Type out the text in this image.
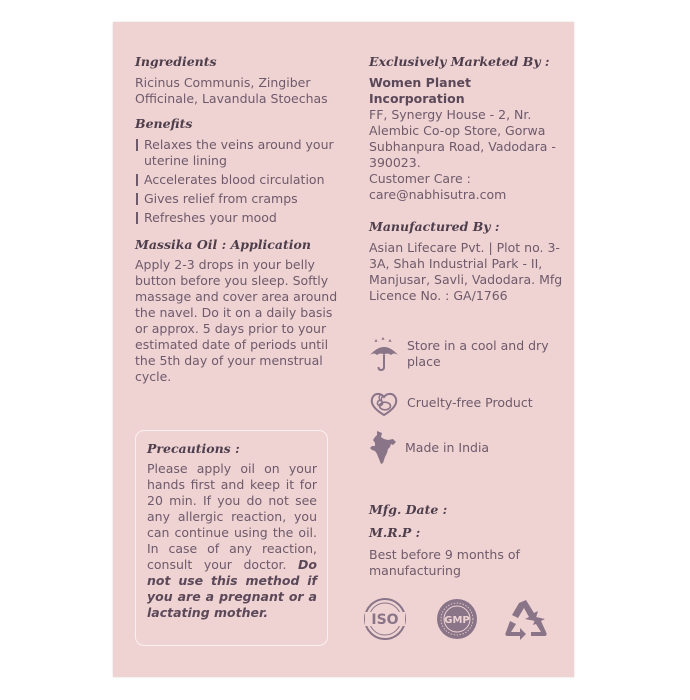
Ingredients
Ricinus Communis, Zingiber Officinale, Lavandula Stoechas
Benefits
Relaxes the veins around your uterine lining
Accelerates blood circulation
Gives relief from cramps
Refreshes your mood
Massika Oil : Application
Apply 2-3 drops in your belly button before you sleep. Softly massage and cover area around the navel. Do it on a daily basis or approx. 5 days prior to your estimated date of periods until the 5th day of your menstrual cycle.
Precautions :
Please apply oil on your hands first and keep it for 20 min. If you do not see any allergic reaction, you can continue using the oil. In case of any reaction, consult your doctor. Do not use this method if you are a pregnant or a lactating mother.
Exclusively Marketed By :
Women Planet Incorporation
FF, Synergy House - 2, Nr. Alembic Co-op Store, Gorwa Subhanpura Road, Vadodara - 390023.
Customer Care :
care@nabhisutra.com
Manufactured By :
Asian Lifecare Pvt. | Plot no. 3-3A, Shah Industrial Park - II, Manjusar, Savli, Vadodara. Mfg Licence No. : GA/1766
Store in a cool and dry place
Cruelty-free Product
Made in India
Mfg. Date :
M.R.P :
Best before 9 months of manufacturing
ISO	GMP
